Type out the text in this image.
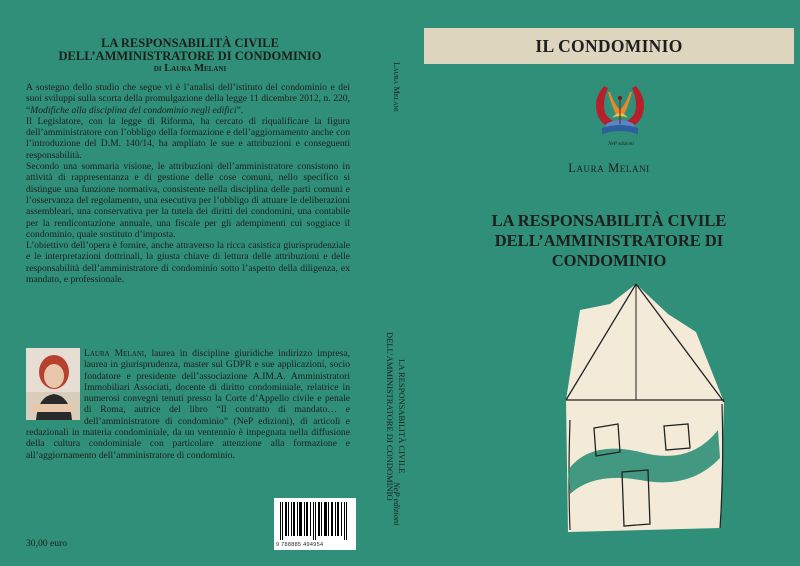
LA RESPONSABILITÀ CIVILE
DELL’AMMINISTRATORE DI CONDOMINIO
di Laura Melani

A sostegno dello studio che segue vi è l’analisi dell’istituto del condominio e dei suoi sviluppi sulla scorta della promulgazione della legge 11 dicembre 2012, n. 220, “Modifiche alla disciplina del condominio negli edifici”.

Il Legislatore, con la legge di Riforma, ha cercato di riqualificare la figura dell’amministratore con l’obbligo della formazione e dell’aggiornamento anche con l’introduzione del D.M. 140/14, ha ampliato le sue e attribuzioni e conseguenti responsabilità.

Secondo una sommaria visione, le attribuzioni dell’amministratore consistono in attività di rappresentanza e di gestione delle cose comuni, nello specifico si distingue una funzione normativa, consistente nella disciplina delle parti comuni e l’osservanza del regolamento, una esecutiva per l’obbligo di attuare le deliberazioni assembleari, una conservativa per la tutela dei diritti dei condomini, una contabile per la rendicontazione annuale, una fiscale per gli adempimenti cui soggiace il condominio, quale sostituto d’imposta.

L’obiettivo dell’opera è fornire, anche attraverso la ricca casistica giurisprudenziale e le interpretazioni dottrinali, la giusta chiave di lettura delle attribuzioni e delle responsabilità dell’amministratore di condominio sotto l’aspetto della diligenza, ex mandato, e professionale.

Laura Melani, laurea in discipline giuridiche indirizzo impresa, laurea in giurisprudenza, master sul GDPR e sue applicazioni, socio fondatore e presidente dell’associazione A.IM.A. Amministratori Immobiliari Associati, docente di diritto condominiale, relatrice in numerosi convegni tenuti presso la Corte d’Appello civile e penale di Roma, autrice del libro “Il contratto di mandato… e dell’amministratore di condominio” (NeP edizioni), di articoli e redazionali in materia condominiale, da un ventennio è impegnata nella diffusione della cultura condominiale con particolare attenzione alla formazione e all’aggiornamento dell’amministratore di condominio.
30,00 euro	9 788885 494954
Laura Melani
LA RESPONSABILITÀ CIVILE
DELL’AMMINISTRATORE DI CONDOMINIO
NeP edizioni
IL CONDOMINIO
NeP edizioni
Laura Melani
LA RESPONSABILITÀ CIVILE
DELL’AMMINISTRATORE DI
CONDOMINIO
